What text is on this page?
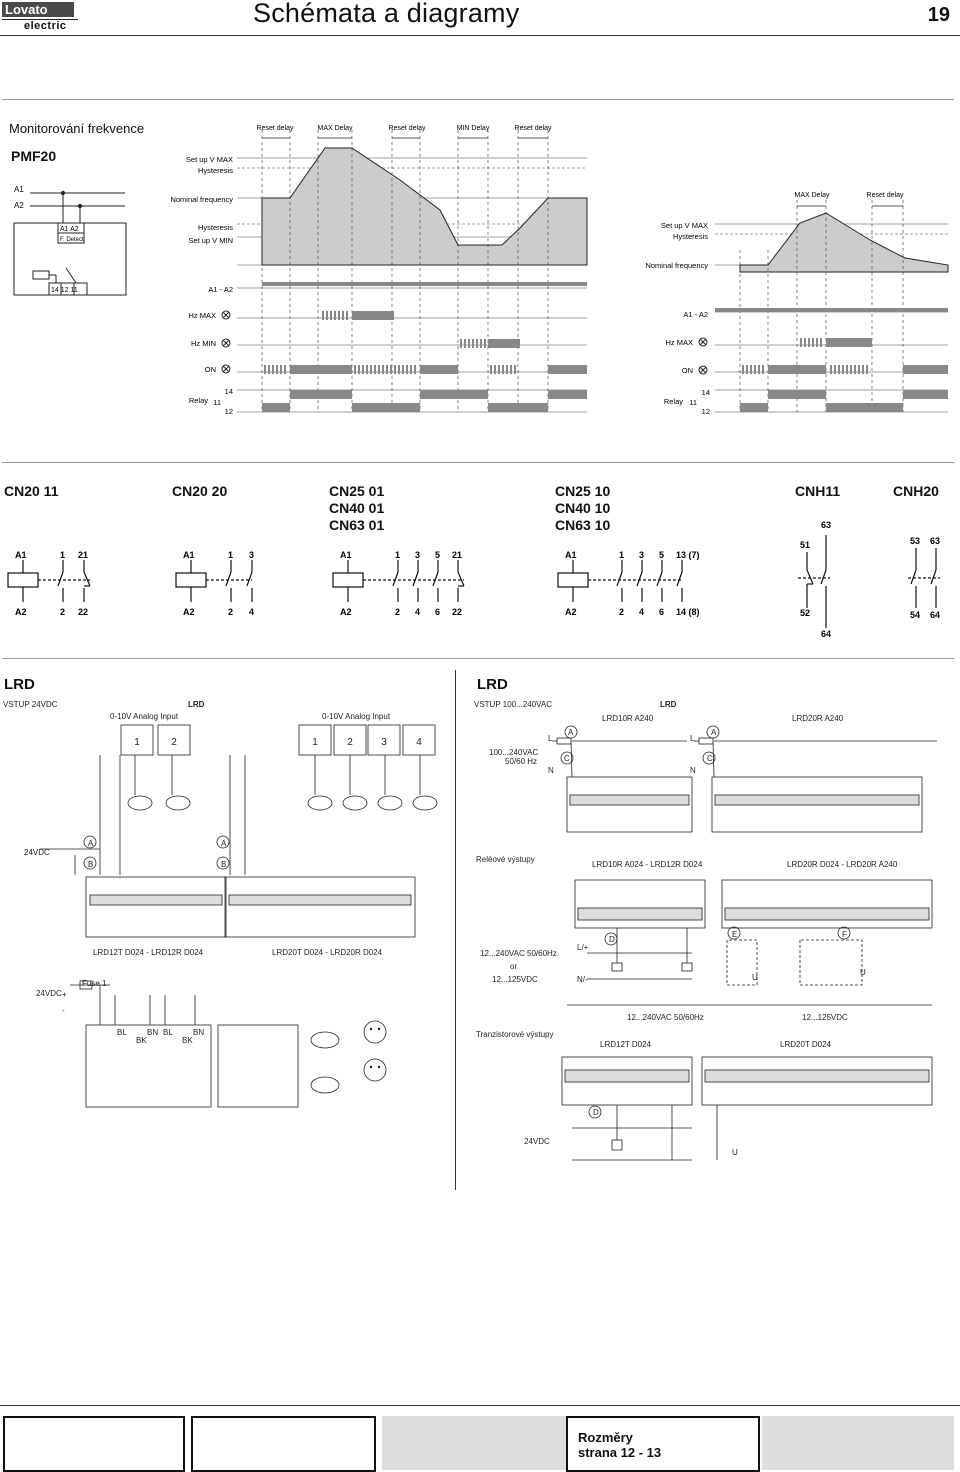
Lovato
electric	Schémata a diagramy	19
Monitorování frekvence
PMF20
A1
A2
A1 A2
F. Detect
14 12 11
Set up V MAX
Hysteresis
Nominal frequency
Hysteresis
Set up V MIN
A1 - A2
Hz MAX
Hz MIN
ON
Relay
14
11
12
Reset delay	MAX Delay	Reset delay	MIN Delay	Reset delay
MAX Delay	Reset delay
Set up V MAX
Hysteresis
Nominal frequency
A1 - A2
Hz MAX
ON
Relay
14
11
12
CN20 11	CN20 20	CN25 01
CN40 01
CN63 01
CN25 10
CN40 10
CN63 10
CNH11	CNH20
A1	1 21
A2	2 22
A1	1 3
A2	2 4
A1	1 3 5 21
A2	2 4 6 22
A1	1 3 5 13 (7)
A2	2 4 6 14 (8)
63
51
52
64
53 63
54 64
LRD
VSTUP 24VDC	LRD
0-10V Analog Input	0-10V Analog Input
24VDC
A
B
A
B
LRD12T D024 - LRD12R D024	LRD20T D024 - LRD20R D024
24VDC
Fuse 1
BL	BN BL	BN
BK	BK
+
-
1	2	1	2	3	4
LRD
VSTUP 100...240VAC	LRD
LRD10R A240	LRD20R A240
100...240VAC
50/60 Hz
L
N
L
N
A	A
C	C
Reléové výstupy
LRD10R A024 - LRD12R D024	LRD20R D024 - LRD20R A240
12...240VAC 50/60Hz
or
12...125VDC
L/+
N/-
D
E	F
U
U
12...240VAC 50/60Hz	12...125VDC
Tranzistorové výstupy
LRD12T D024	LRD20T D024
24VDC
D
U
Rozměry
strana 12 - 13
